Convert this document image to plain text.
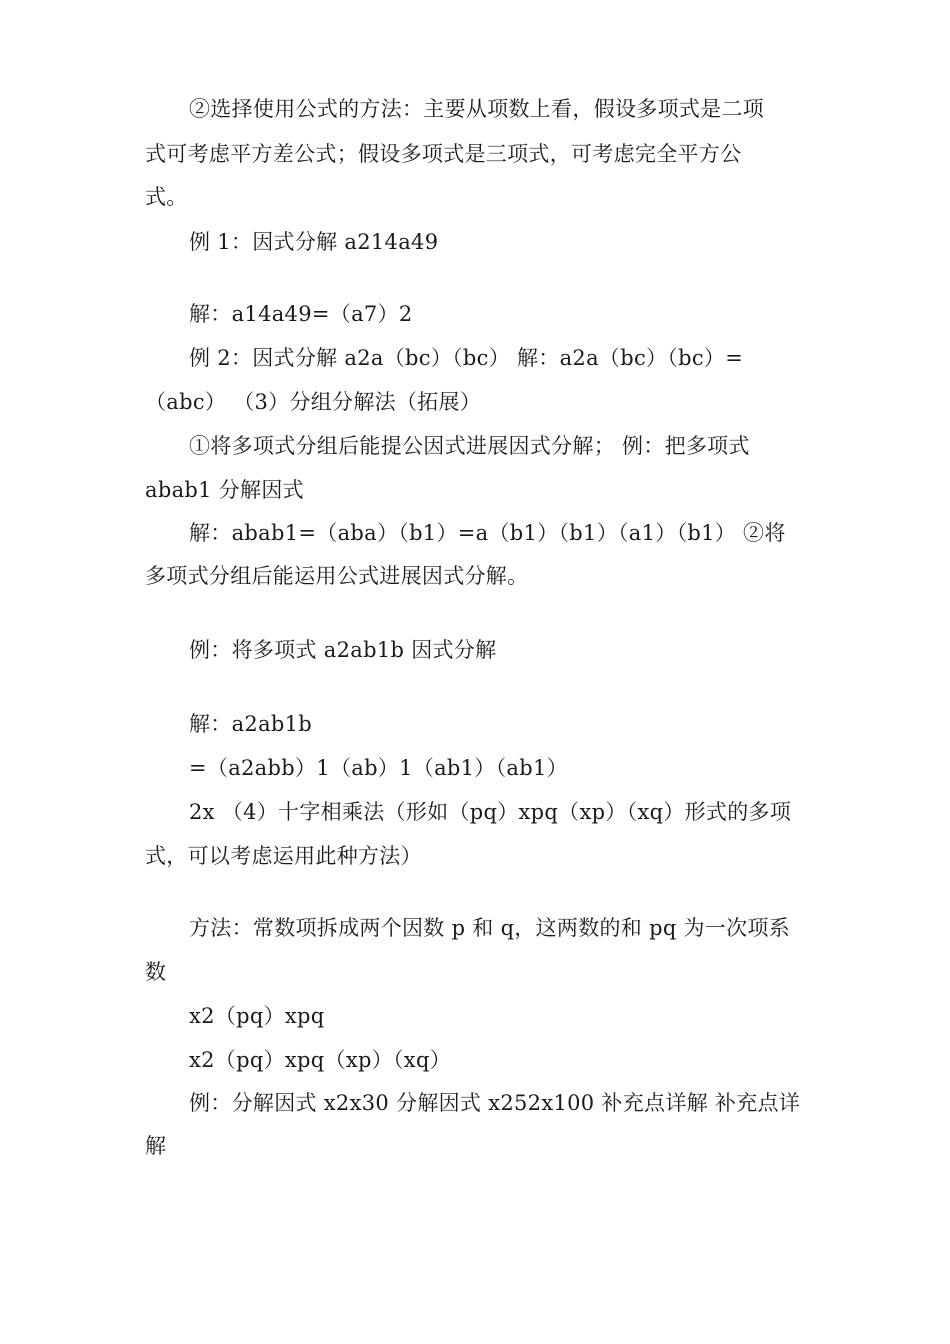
②选择使用公式的方法：主要从项数上看，假设多项式是二项
式可考虑平方差公式；假设多项式是三项式，可考虑完全平方公
式。
例 1：因式分解 a214a49
解：a14a49=（a7）2
例 2：因式分解 a2a（bc）（bc） 解：a2a（bc）（bc）=
（abc） （3）分组分解法（拓展）
①将多项式分组后能提公因式进展因式分解； 例：把多项式
abab1 分解因式
解：abab1=（aba）（b1）=a（b1）（b1）（a1）（b1） ②将
多项式分组后能运用公式进展因式分解。
例：将多项式 a2ab1b 因式分解
解：a2ab1b
=（a2abb）1（ab）1（ab1）（ab1）
2x （4）十字相乘法（形如（pq）xpq（xp）（xq）形式的多项
式，可以考虑运用此种方法）
方法：常数项拆成两个因数 p 和 q，这两数的和 pq 为一次项系
数
x2（pq）xpq
x2（pq）xpq（xp）（xq）
例：分解因式 x2x30 分解因式 x252x100 补充点详解 补充点详
解
